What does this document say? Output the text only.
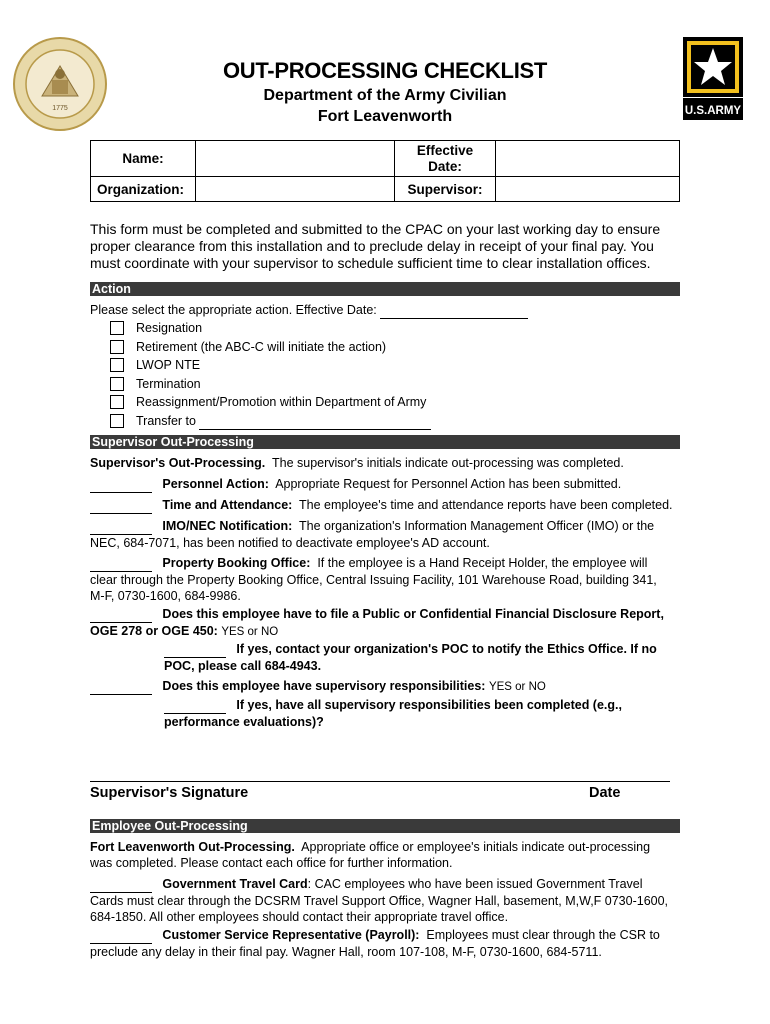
1775	U.S.ARMY
OUT-PROCESSING CHECKLIST
Department of the Army Civilian
Fort Leavenworth
Name:		Effective
Date:	
Organization:		Supervisor:	
This form must be completed and submitted to the CPAC on your last working day to ensure proper clearance from this installation and to preclude delay in receipt of your final pay. You must coordinate with your supervisor to schedule sufficient time to clear installation offices.
Action
Please select the appropriate action. Effective Date:
Resignation
Retirement (the ABC-C will initiate the action)
LWOP NTE
Termination
Reassignment/Promotion within Department of Army
Transfer to
Supervisor Out-Processing
Supervisor's Out-Processing. The supervisor's initials indicate out-processing was completed.
Personnel Action: Appropriate Request for Personnel Action has been submitted.
Time and Attendance: The employee's time and attendance reports have been completed.
IMO/NEC Notification: The organization's Information Management Officer (IMO) or the
NEC, 684-7071, has been notified to deactivate employee's AD account.
Property Booking Office: If the employee is a Hand Receipt Holder, the employee will
clear through the Property Booking Office, Central Issuing Facility, 101 Warehouse Road, building 341,
M-F, 0730-1600, 684-9986.
Does this employee have to file a Public or Confidential Financial Disclosure Report,
OGE 278 or OGE 450: YES or NO
If yes, contact your organization's POC to notify the Ethics Office. If no
POC, please call 684-4943.
Does this employee have supervisory responsibilities: YES or NO
If yes, have all supervisory responsibilities been completed (e.g.,
performance evaluations)?
Supervisor's Signature	Date
Employee Out-Processing
Fort Leavenworth Out-Processing. Appropriate office or employee's initials indicate out-processing
was completed. Please contact each office for further information.
Government Travel Card: CAC employees who have been issued Government Travel
Cards must clear through the DCSRM Travel Support Office, Wagner Hall, basement, M,W,F 0730-1600,
684-1850. All other employees should contact their appropriate travel office.
Customer Service Representative (Payroll): Employees must clear through the CSR to
preclude any delay in their final pay. Wagner Hall, room 107-108, M-F, 0730-1600, 684-5711.
